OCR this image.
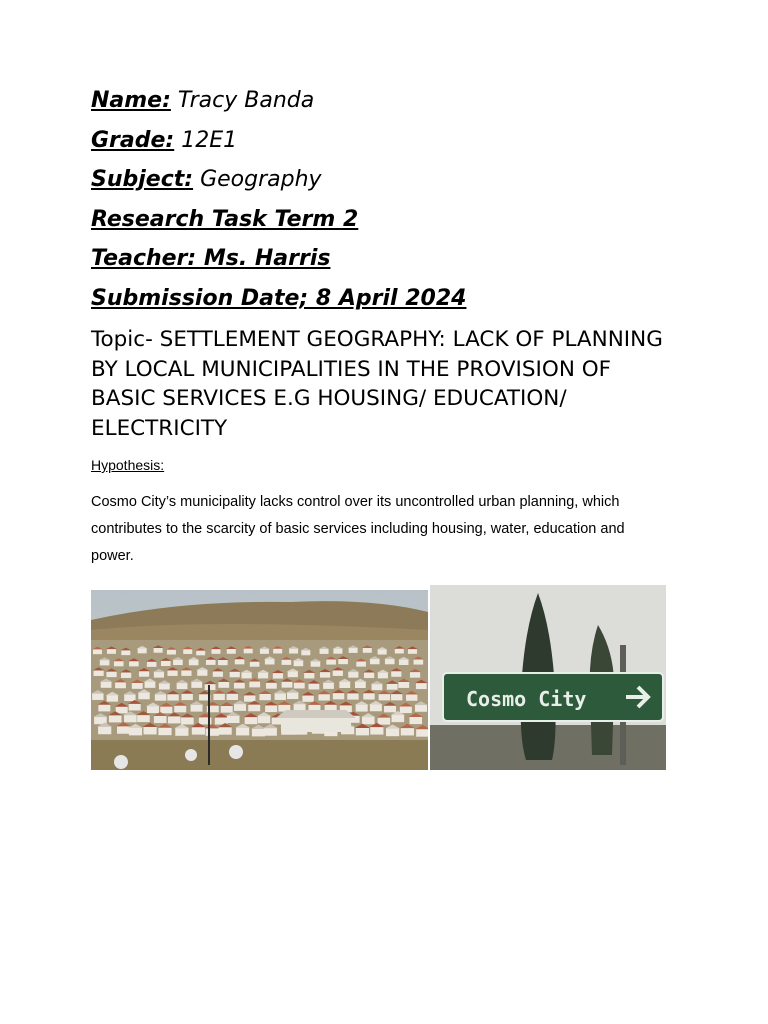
Name: Tracy Banda
Grade: 12E1
Subject: Geography
Research Task Term 2
Teacher: Ms. Harris
Submission Date; 8 April 2024
Topic- SETTLEMENT GEOGRAPHY: LACK OF PLANNING BY LOCAL MUNICIPALITIES IN THE PROVISION OF BASIC SERVICES E.G HOUSING/ EDUCATION/ ELECTRICITY
Hypothesis:
Cosmo City’s municipality lacks control over its uncontrolled urban planning, which contributes to the scarcity of basic services including housing, water, education and power.
Cosmo City
